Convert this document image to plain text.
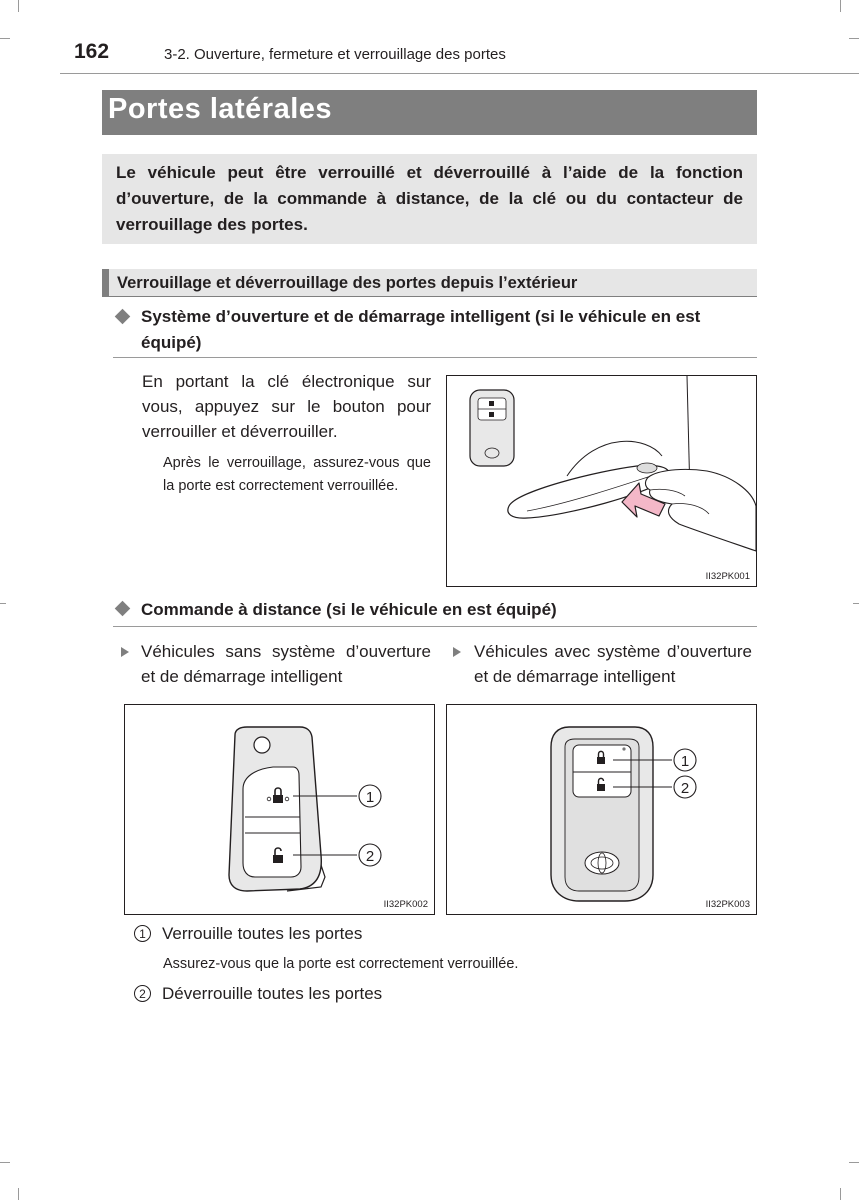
162	3-2. Ouverture, fermeture et verrouillage des portes
Portes latérales
Le véhicule peut être verrouillé et déverrouillé à l’aide de la fonction d’ouverture, de la commande à distance, de la clé ou du contacteur de verrouillage des portes.
Verrouillage et déverrouillage des portes depuis l’extérieur
Système d’ouverture et de démarrage intelligent (si le véhicule en est équipé)
En portant la clé électronique sur vous, appuyez sur le bouton pour verrouiller et déverrouiller.
Après le verrouillage, assurez-vous que la porte est correctement verrouillée.
II32PK001
Commande à distance (si le véhicule en est équipé)
Véhicules sans système d’ouverture et de démarrage intelligent
Véhicules avec système d’ouverture et de démarrage intelligent
1
2
II32PK002
1
2
II32PK003
1 Verrouille toutes les portes
Assurez-vous que la porte est correctement verrouillée.
2 Déverrouille toutes les portes
